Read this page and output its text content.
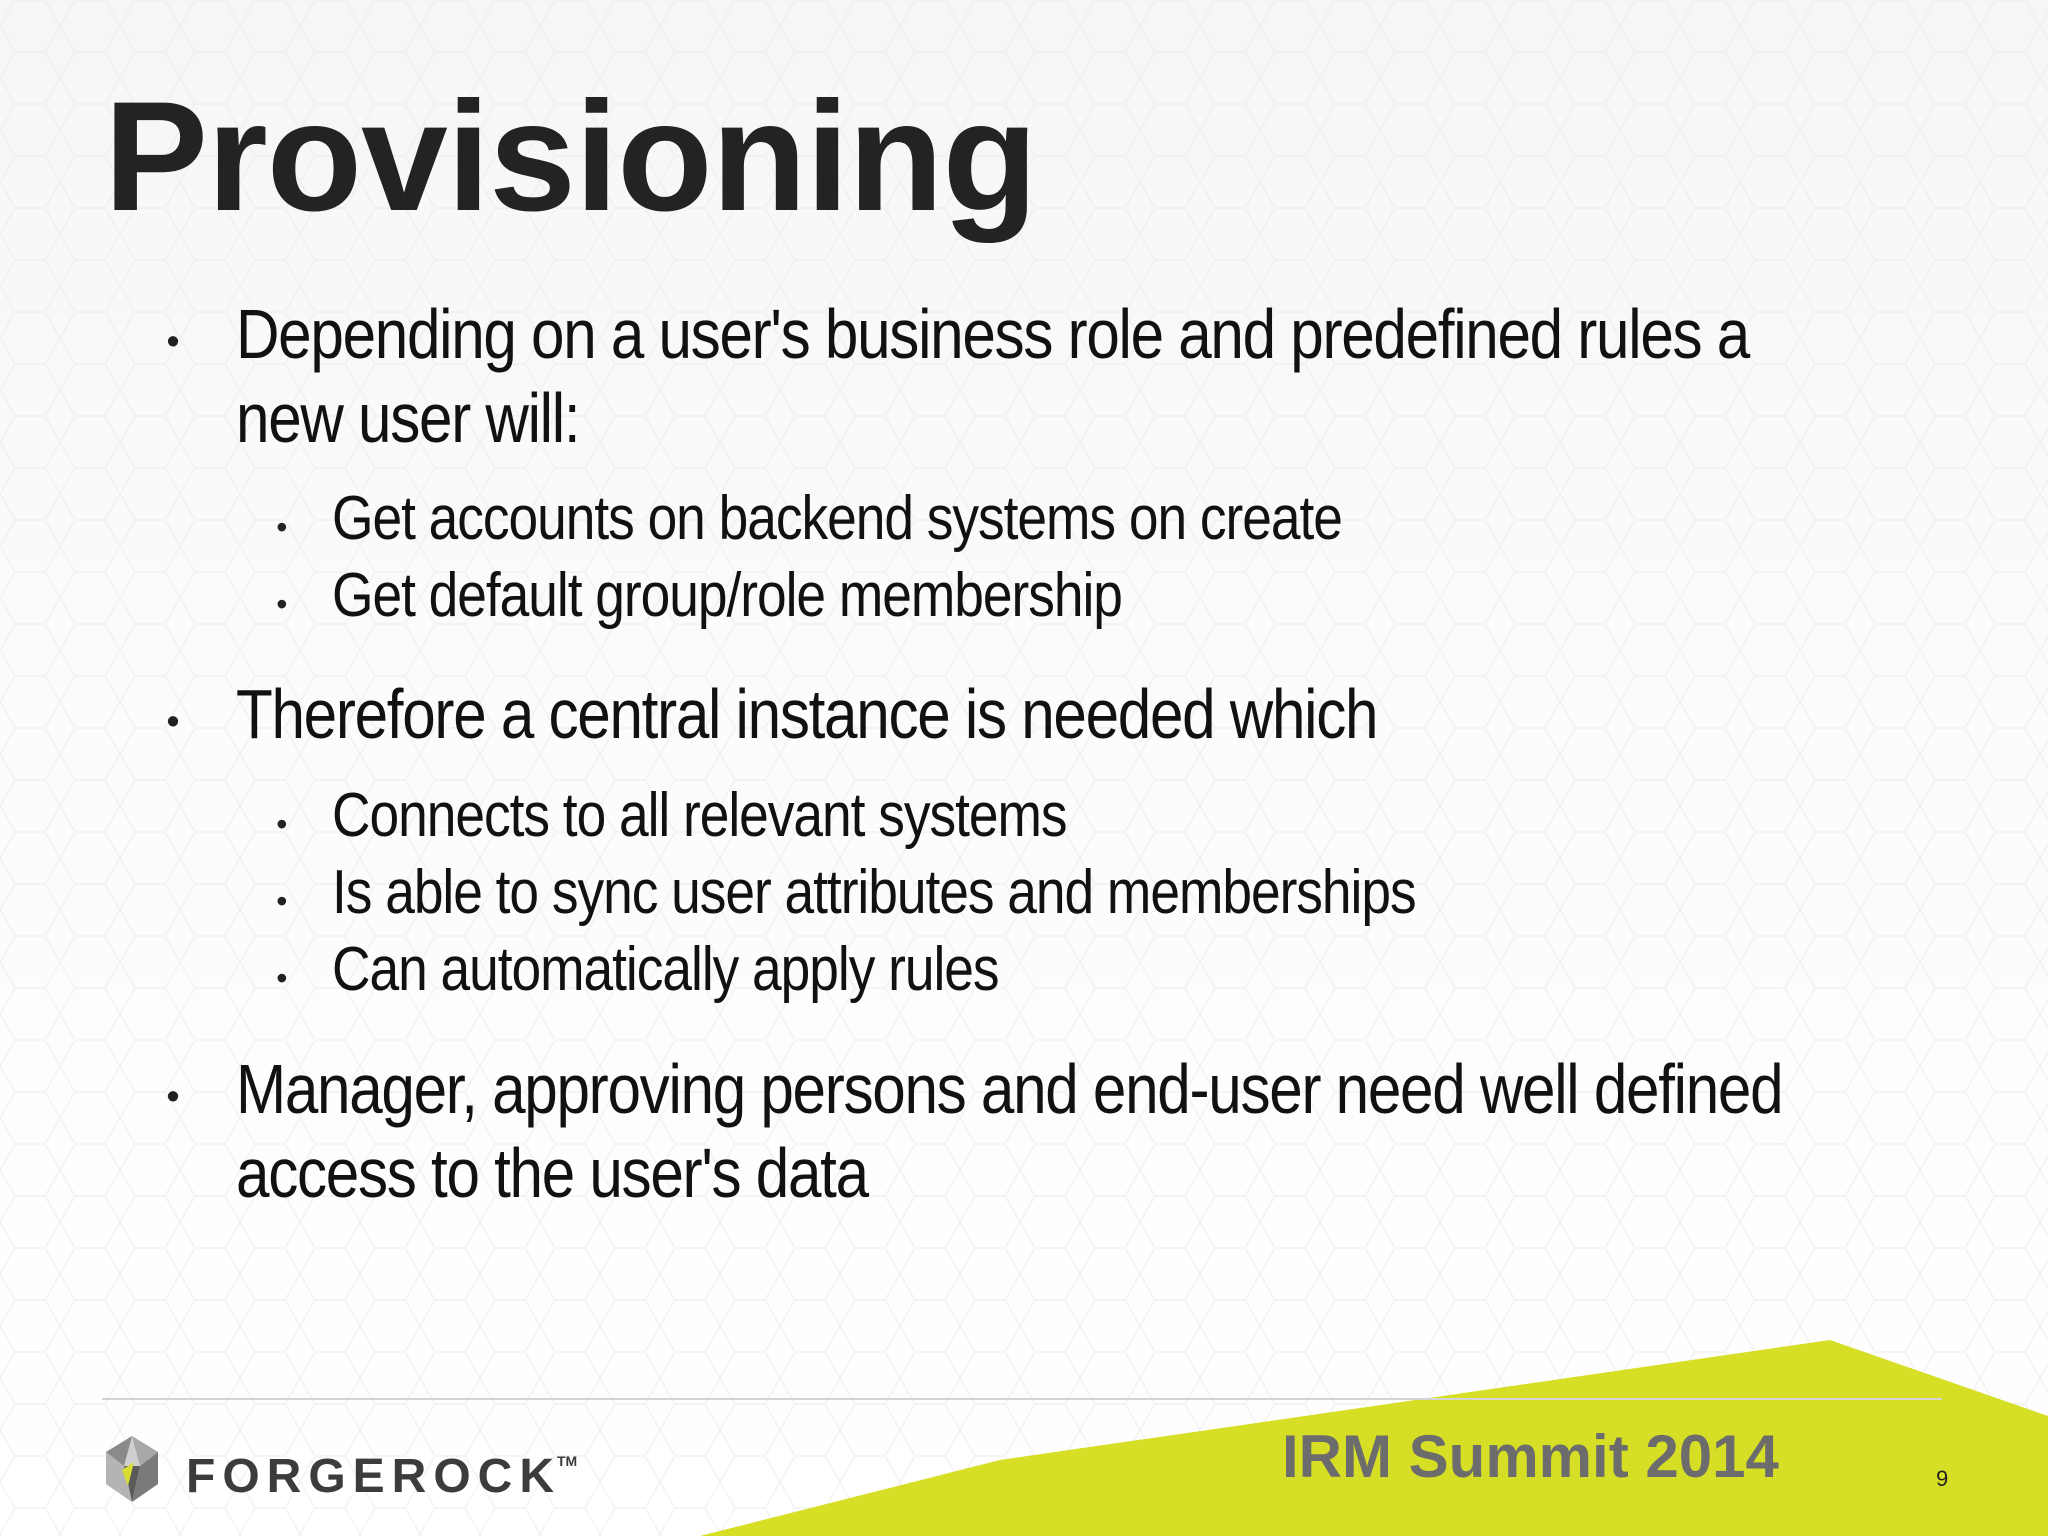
Provisioning
• Depending on a user's business role and predefined rules a
new user will:
• Get accounts on backend systems on create
• Get default group/role membership
• Therefore a central instance is needed which
• Connects to all relevant systems
• Is able to sync user attributes and memberships
• Can automatically apply rules
• Manager, approving persons and end-user need well defined
access to the user's data
FORGEROCK™	IRM Summit 2014	9
